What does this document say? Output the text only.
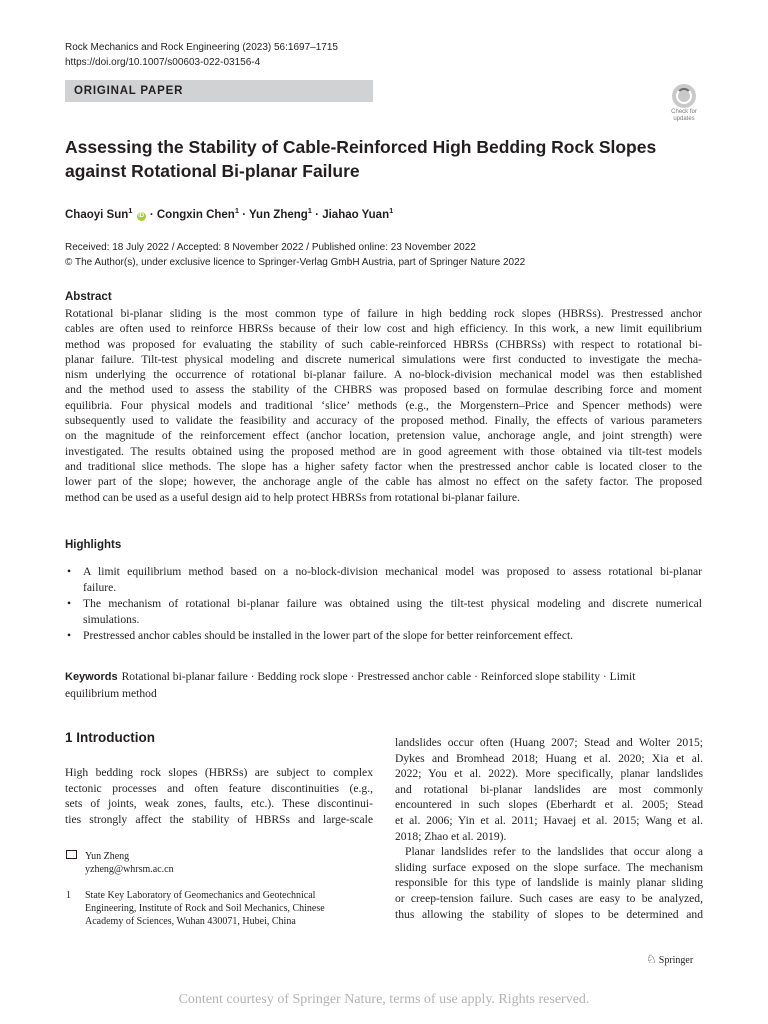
Rock Mechanics and Rock Engineering (2023) 56:1697–1715
https://doi.org/10.1007/s00603-022-03156-4
ORIGINAL PAPER
Check for
updates
Assessing the Stability of Cable-Reinforced High Bedding Rock Slopes
against Rotational Bi-planar Failure
Chaoyi Sun$^1$ iD · Congxin Chen$^1$ · Yun Zheng$^1$ · Jiahao Yuan$^1$
Received: 18 July 2022 / Accepted: 8 November 2022 / Published online: 23 November 2022
© The Author(s), under exclusive licence to Springer-Verlag GmbH Austria, part of Springer Nature 2022
Abstract
Rotational bi-planar sliding is the most common type of failure in high bedding rock slopes (HBRSs). Prestressed anchor
cables are often used to reinforce HBRSs because of their low cost and high efficiency. In this work, a new limit equilibrium
method was proposed for evaluating the stability of such cable-reinforced HBRSs (CHBRSs) with respect to rotational bi-
planar failure. Tilt-test physical modeling and discrete numerical simulations were first conducted to investigate the mecha-
nism underlying the occurrence of rotational bi-planar failure. A no-block-division mechanical model was then established
and the method used to assess the stability of the CHBRS was proposed based on formulae describing force and moment
equilibria. Four physical models and traditional ‘slice’ methods (e.g., the Morgenstern–Price and Spencer methods) were
subsequently used to validate the feasibility and accuracy of the proposed method. Finally, the effects of various parameters
on the magnitude of the reinforcement effect (anchor location, pretension value, anchorage angle, and joint strength) were
investigated. The results obtained using the proposed method are in good agreement with those obtained via tilt-test models
and traditional slice methods. The slope has a higher safety factor when the prestressed anchor cable is located closer to the
lower part of the slope; however, the anchorage angle of the cable has almost no effect on the safety factor. The proposed
method can be used as a useful design aid to help protect HBRSs from rotational bi-planar failure.
Highlights
• A limit equilibrium method based on a no-block-division mechanical model was proposed to assess rotational bi-planar
failure.
• The mechanism of rotational bi-planar failure was obtained using the tilt-test physical modeling and discrete numerical
simulations.
• Prestressed anchor cables should be installed in the lower part of the slope for better reinforcement effect.
Keywords Rotational bi-planar failure · Bedding rock slope · Prestressed anchor cable · Reinforced slope stability · Limit
equilibrium method
1 Introduction
High bedding rock slopes (HBRSs) are subject to complex
tectonic processes and often feature discontinuities (e.g.,
sets of joints, weak zones, faults, etc.). These discontinui-
ties strongly affect the stability of HBRSs and large-scale
landslides occur often (Huang 2007; Stead and Wolter 2015;
Dykes and Bromhead 2018; Huang et al. 2020; Xia et al.
2022; You et al. 2022). More specifically, planar landslides
and rotational bi-planar landslides are most commonly
encountered in such slopes (Eberhardt et al. 2005; Stead
et al. 2006; Yin et al. 2011; Havaej et al. 2015; Wang et al.
2018; Zhao et al. 2019).
Planar landslides refer to the landslides that occur along a
sliding surface exposed on the slope surface. The mechanism
responsible for this type of landslide is mainly planar sliding
or creep-tension failure. Such cases are easy to be analyzed,
thus allowing the stability of slopes to be determined and
Yun Zheng
yzheng@whrsm.ac.cn
1 State Key Laboratory of Geomechanics and Geotechnical
Engineering, Institute of Rock and Soil Mechanics, Chinese
Academy of Sciences, Wuhan 430071, Hubei, China
♘ Springer
Content courtesy of Springer Nature, terms of use apply. Rights reserved.
